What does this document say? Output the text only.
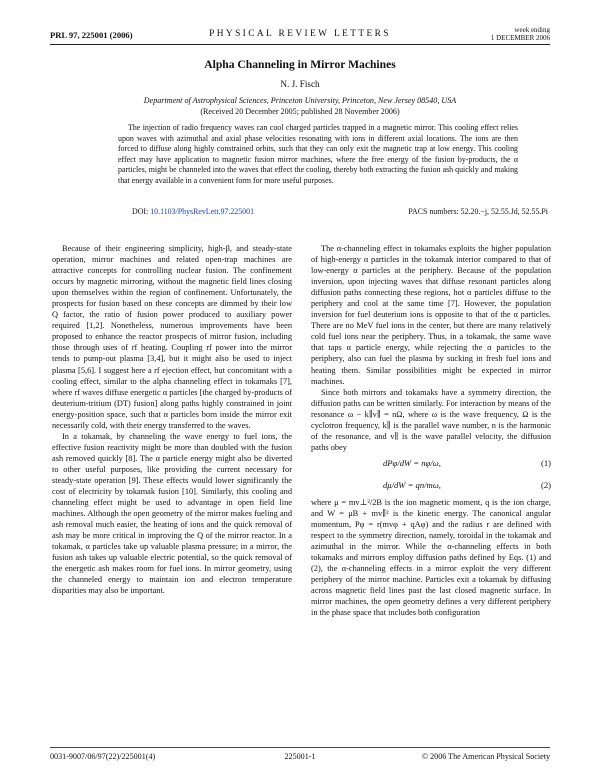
PRL 97, 225001 (2006)	PHYSICAL REVIEW LETTERS	week ending
1 DECEMBER 2006
Alpha Channeling in Mirror Machines
N. J. Fisch
Department of Astrophysical Sciences, Princeton University, Princeton, New Jersey 08540, USA
(Received 20 December 2005; published 28 November 2006)

The injection of radio frequency waves can cool charged particles trapped in a magnetic mirror. This cooling effect relies upon waves with azimuthal and axial phase velocities resonating with ions in different axial locations. The ions are then forced to diffuse along highly constrained orbits, such that they can only exit the magnetic trap at low energy. This cooling effect may have application to magnetic fusion mirror machines, where the free energy of the fusion by-products, the α particles, might be channeled into the waves that effect the cooling, thereby both extracting the fusion ash quickly and making that energy available in a convenient form for more useful purposes.

DOI: 10.1103/PhysRevLett.97.225001	PACS numbers: 52.20.−j, 52.55.Jd, 52.55.Pi

Because of their engineering simplicity, high-β, and steady-state operation, mirror machines and related open-trap machines are attractive concepts for controlling nuclear fusion. The confinement occurs by magnetic mirroring, without the magnetic field lines closing upon themselves within the region of confinement. Unfortunately, the prospects for fusion based on these concepts are dimmed by their low Q factor, the ratio of fusion power produced to auxiliary power required [1,2]. Nonetheless, numerous improvements have been proposed to enhance the reactor prospects of mirror fusion, including those through uses of rf heating. Coupling rf power into the mirror tends to pump-out plasma [3,4], but it might also be used to inject plasma [5,6]. I suggest here a rf ejection effect, but concomitant with a cooling effect, similar to the alpha channeling effect in tokamaks [7], where rf waves diffuse energetic α particles [the charged by-products of deuterium-tritium (DT) fusion] along paths highly constrained in joint energy-position space, such that α particles born inside the mirror exit necessarily cold, with their energy transferred to the waves.

In a tokamak, by channeling the wave energy to fuel ions, the effective fusion reactivity might be more than doubled with the fusion ash removed quickly [8]. The α particle energy might also be diverted to other useful purposes, like providing the current necessary for steady-state operation [9]. These effects would lower significantly the cost of electricity by tokamak fusion [10]. Similarly, this cooling and channeling effect might be used to advantage in open field line machines. Although the open geometry of the mirror makes fueling and ash removal much easier, the heating of ions and the quick removal of ash may be more critical in improving the Q of the mirror reactor. In a tokamak, α particles take up valuable plasma pressure; in a mirror, the fusion ash takes up valuable electric potential, so the quick removal of the energetic ash makes room for fuel ions. In mirror geometry, using the channeled energy to maintain ion and electron temperature disparities may also be important.

The α-channeling effect in tokamaks exploits the higher population of high-energy α particles in the tokamak interior compared to that of low-energy α particles at the periphery. Because of the population inversion, upon injecting waves that diffuse resonant particles along diffusion paths connecting these regions, hot α particles diffuse to the periphery and cool at the same time [7]. However, the population inversion for fuel deuterium ions is opposite to that of the α particles. There are no MeV fuel ions in the center, but there are many relatively cold fuel ions near the periphery. Thus, in a tokamak, the same wave that taps α particle energy, while rejecting the α particles to the periphery, also can fuel the plasma by sucking in fresh fuel ions and heating them. Similar possibilities might be expected in mirror machines.

Since both mirrors and tokamaks have a symmetry direction, the diffusion paths can be written similarly. For interaction by means of the resonance ω − k∥v∥ = nΩ, where ω is the wave frequency, Ω is the cyclotron frequency, k∥ is the parallel wave number, n is the harmonic of the resonance, and v∥ is the wave parallel velocity, the diffusion paths obey

dPφ/dW = nφ/ω,	(1)
dμ/dW = qn/mω,	(2)

where μ = mv⊥²/2B is the ion magnetic moment, q is the ion charge, and W = μB + mv∥² is the kinetic energy. The canonical angular momentum, Pφ = r(mvφ + qAφ) and the radius r are defined with respect to the symmetry direction, namely, toroidal in the tokamak and azimuthal in the mirror. While the α-channeling effects in both tokamaks and mirrors employ diffusion paths defined by Eqs. (1) and (2), the α-channeling effects in a mirror exploit the very different periphery of the mirror machine. Particles exit a tokamak by diffusing across magnetic field lines past the last closed magnetic surface. In mirror machines, the open geometry defines a very different periphery in the phase space that includes both configuration

0031-9007/06/97(22)/225001(4)	225001-1	© 2006 The American Physical Society
